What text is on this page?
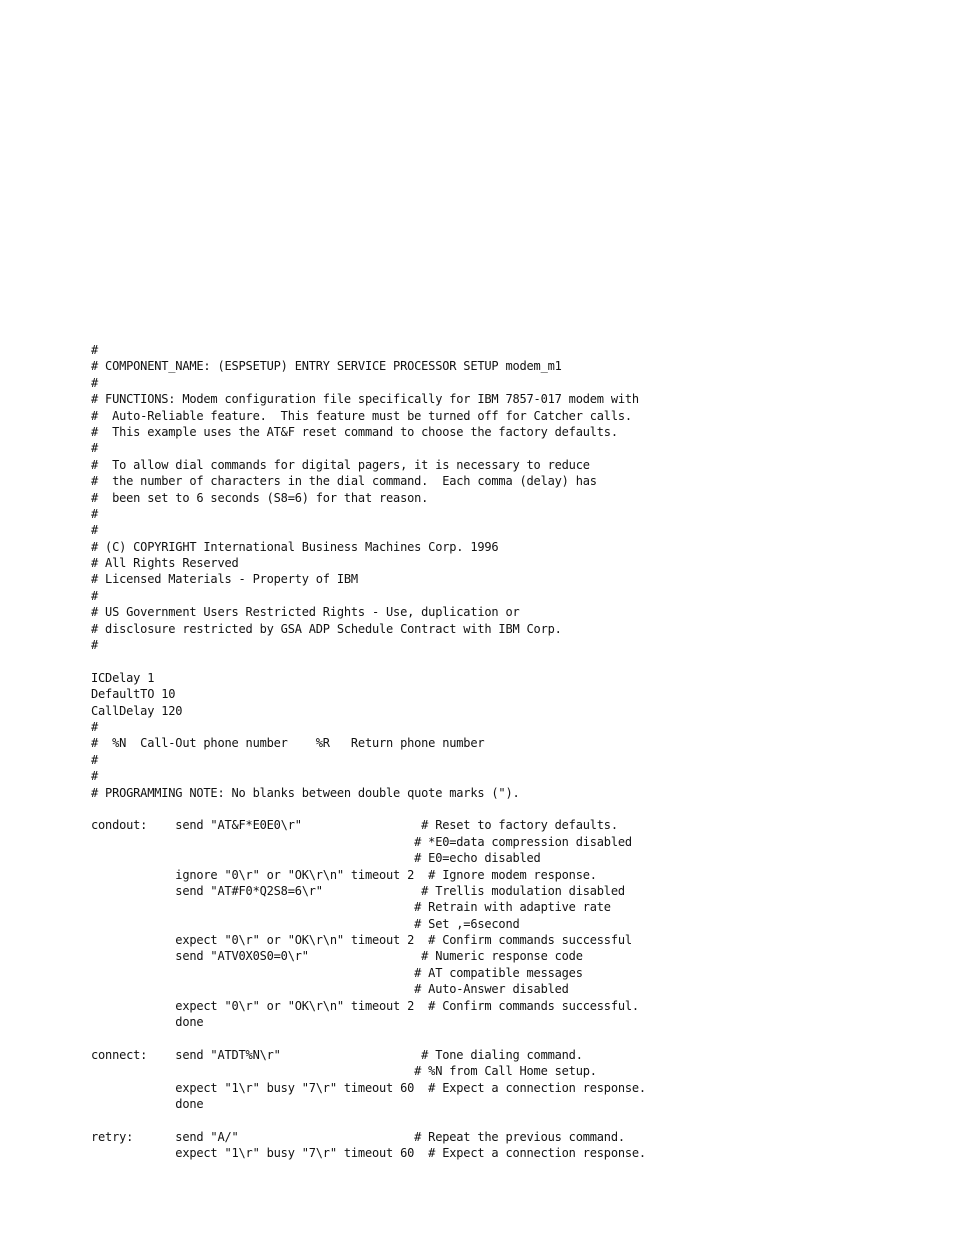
#
# COMPONENT_NAME: (ESPSETUP) ENTRY SERVICE PROCESSOR SETUP modem_m1
#
# FUNCTIONS: Modem configuration file specifically for IBM 7857-017 modem with
#  Auto-Reliable feature.  This feature must be turned off for Catcher calls.
#  This example uses the AT&F reset command to choose the factory defaults.
#
#  To allow dial commands for digital pagers, it is necessary to reduce
#  the number of characters in the dial command.  Each comma (delay) has
#  been set to 6 seconds (S8=6) for that reason.
#
#
# (C) COPYRIGHT International Business Machines Corp. 1996
# All Rights Reserved
# Licensed Materials - Property of IBM
#
# US Government Users Restricted Rights - Use, duplication or
# disclosure restricted by GSA ADP Schedule Contract with IBM Corp.
#
ICDelay 1
DefaultTO 10
CallDelay 120
#
#  %N  Call-Out phone number    %R   Return phone number
#
#
# PROGRAMMING NOTE: No blanks between double quote marks (").
condout:    send "AT&F*E0E0\r"                 # Reset to factory defaults.
# *E0=data compression disabled
# E0=echo disabled
ignore "0\r" or "OK\r\n" timeout 2  # Ignore modem response.
send "AT#F0*Q2S8=6\r"              # Trellis modulation disabled
# Retrain with adaptive rate
# Set ,=6second
expect "0\r" or "OK\r\n" timeout 2  # Confirm commands successful
send "ATV0X0S0=0\r"                # Numeric response code
# AT compatible messages
# Auto-Answer disabled
expect "0\r" or "OK\r\n" timeout 2  # Confirm commands successful.
done
connect:    send "ATDT%N\r"                    # Tone dialing command.
# %N from Call Home setup.
expect "1\r" busy "7\r" timeout 60  # Expect a connection response.
done
retry:      send "A/"                         # Repeat the previous command.
expect "1\r" busy "7\r" timeout 60  # Expect a connection response.
